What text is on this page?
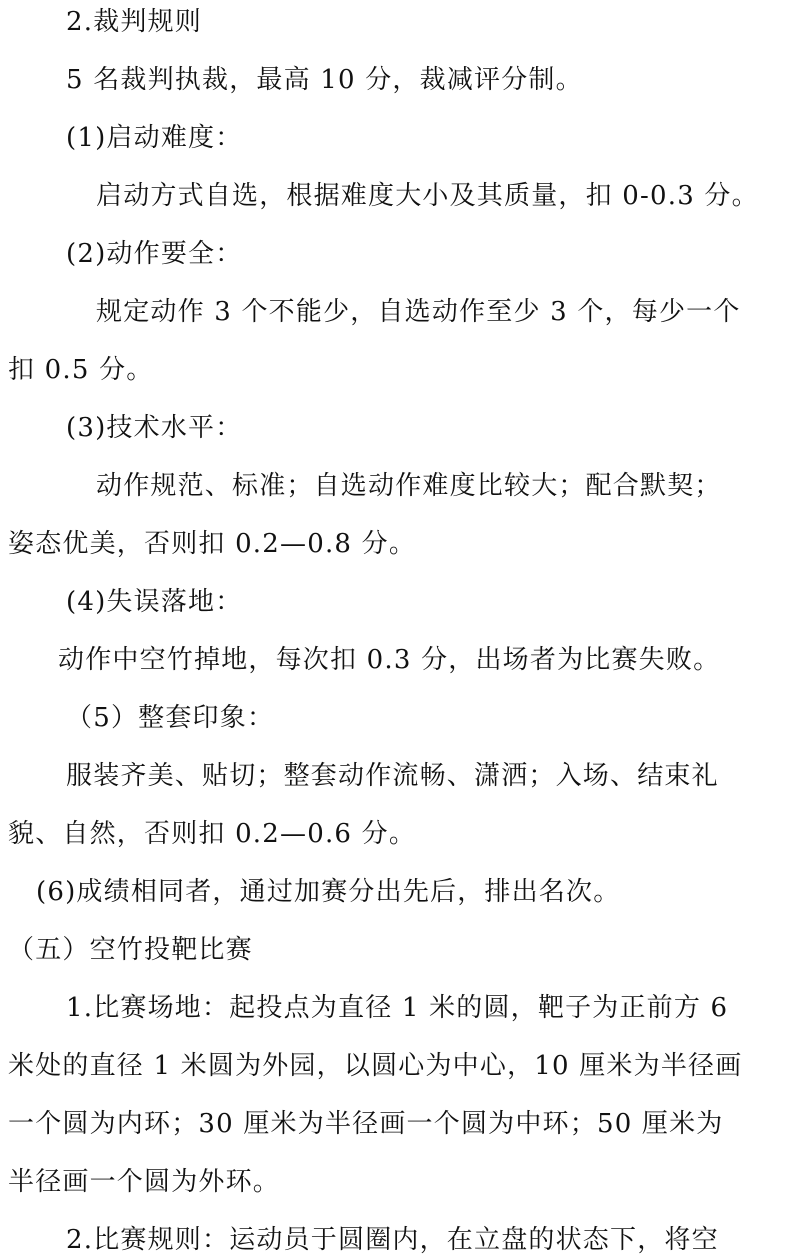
2.裁判规则
5 名裁判执裁，最高 10 分，裁减评分制。
(1)启动难度：
启动方式自选，根据难度大小及其质量，扣 0-0.3 分。
(2)动作要全：
规定动作 3 个不能少，自选动作至少 3 个，每少一个
扣 0.5 分。
(3)技术水平：
动作规范、标准；自选动作难度比较大；配合默契；
姿态优美，否则扣 0.2—0.8 分。
(4)失误落地：
动作中空竹掉地，每次扣 0.3 分，出场者为比赛失败。
（5）整套印象：
服装齐美、贴切；整套动作流畅、潇洒；入场、结束礼
貌、自然，否则扣 0.2—0.6 分。
(6)成绩相同者，通过加赛分出先后，排出名次。
（五）空竹投靶比赛
1.比赛场地：起投点为直径 1 米的圆，靶子为正前方 6
米处的直径 1 米圆为外园，以圆心为中心，10 厘米为半径画
一个圆为内环；30 厘米为半径画一个圆为中环；50 厘米为
半径画一个圆为外环。
2.比赛规则：运动员于圆圈内，在立盘的状态下，将空
